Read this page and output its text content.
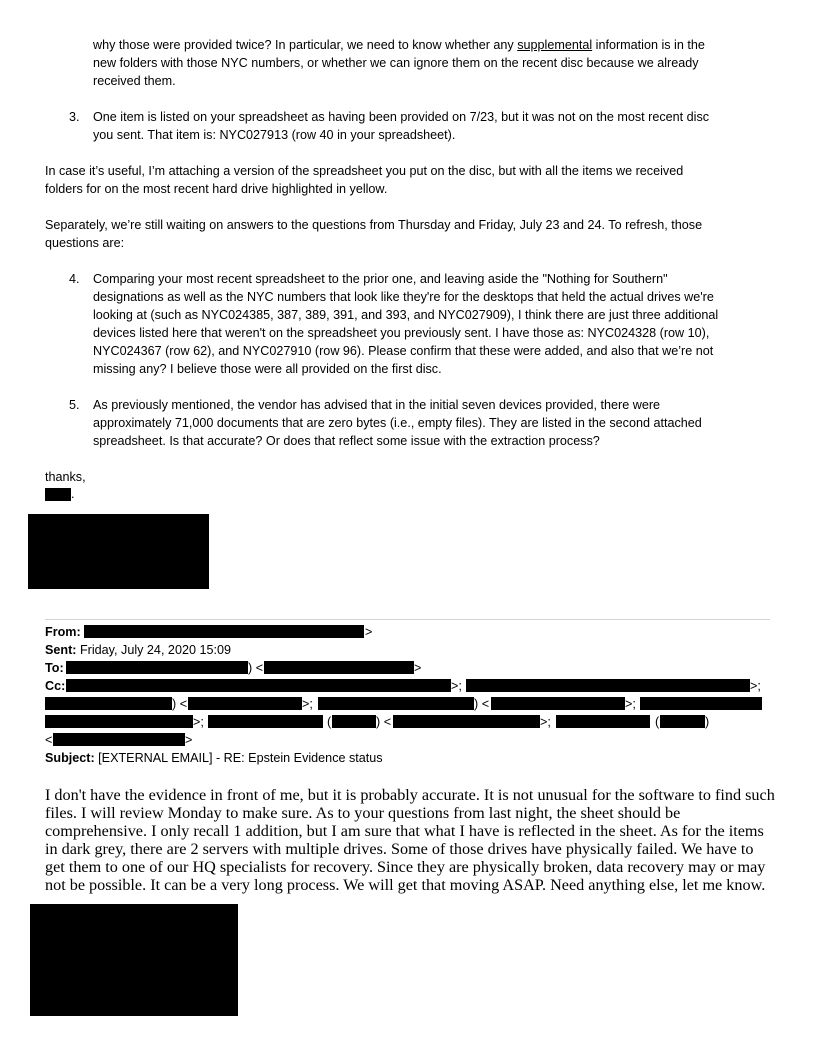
why those were provided twice? In particular, we need to know whether any supplemental information is in the
new folders with those NYC numbers, or whether we can ignore them on the recent disc because we already
received them.
3. One item is listed on your spreadsheet as having been provided on 7/23, but it was not on the most recent disc
you sent. That item is: NYC027913 (row 40 in your spreadsheet).
In case it’s useful, I’m attaching a version of the spreadsheet you put on the disc, but with all the items we received
folders for on the most recent hard drive highlighted in yellow.
Separately, we’re still waiting on answers to the questions from Thursday and Friday, July 23 and 24. To refresh, those
questions are:
4. Comparing your most recent spreadsheet to the prior one, and leaving aside the "Nothing for Southern"
designations as well as the NYC numbers that look like they're for the desktops that held the actual drives we're
looking at (such as NYC024385, 387, 389, 391, and 393, and NYC027909), I think there are just three additional
devices listed here that weren't on the spreadsheet you previously sent. I have those as: NYC024328 (row 10),
NYC024367 (row 62), and NYC027910 (row 96). Please confirm that these were added, and also that we’re not
missing any? I believe those were all provided on the first disc.
5. As previously mentioned, the vendor has advised that in the initial seven devices provided, there were
approximately 71,000 documents that are zero bytes (i.e., empty files). They are listed in the second attached
spreadsheet. Is that accurate? Or does that reflect some issue with the extraction process?
thanks,
.
From:	>
Sent: Friday, July 24, 2020 15:09
To:	) <	>
Cc:	>;	>;
) <	>;	) <	>;
>;	(	) <	>;	(	)
<	>
Subject: [EXTERNAL EMAIL] - RE: Epstein Evidence status

I don't have the evidence in front of me, but it is probably accurate. It is not unusual for the software to find such files. I will review Monday to make sure. As to your questions from last night, the sheet should be comprehensive. I only recall 1 addition, but I am sure that what I have is reflected in the sheet. As for the items in dark grey, there are 2 servers with multiple drives. Some of those drives have physically failed. We have to get them to one of our HQ specialists for recovery. Since they are physically broken, data recovery may or may not be possible. It can be a very long process. We will get that moving ASAP. Need anything else, let me know.
